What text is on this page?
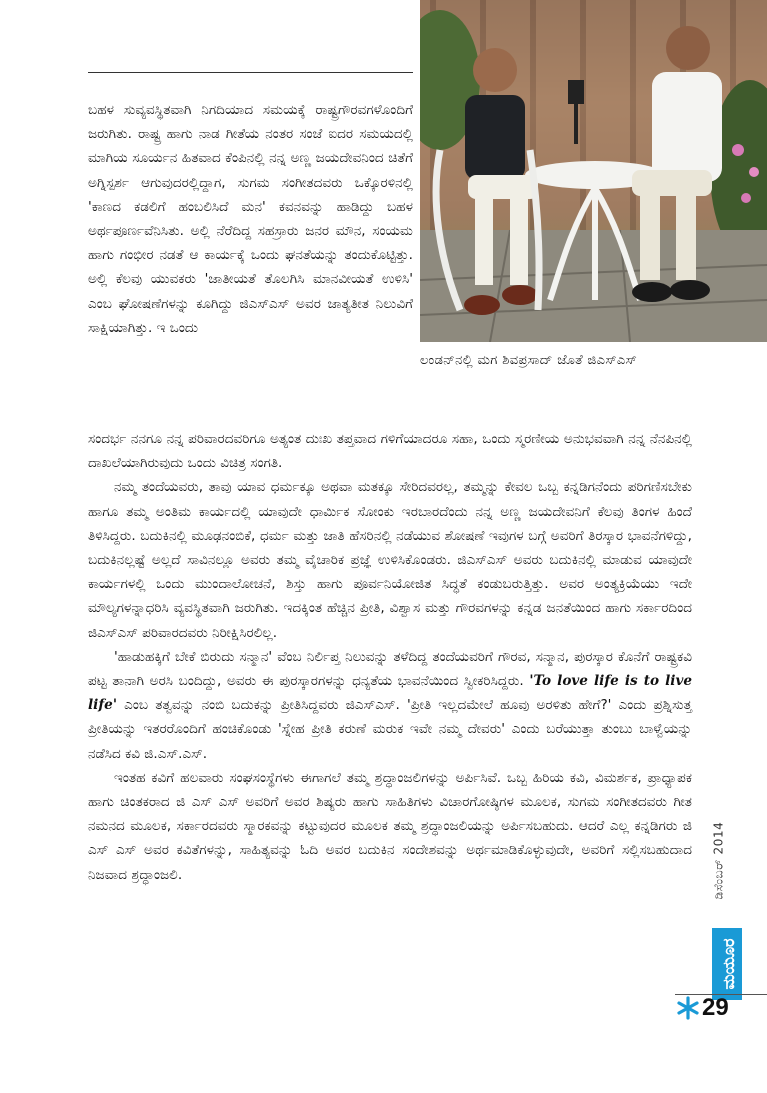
ಲಂಡನ್‌ನಲ್ಲಿ ಮಗ ಶಿವಪ್ರಸಾದ್ ಜೊತೆ ಜಿಎಸ್‌ಎಸ್

ಬಹಳ ಸುವ್ಯವಸ್ಥಿತವಾಗಿ ನಿಗದಿಯಾದ ಸಮಯಕ್ಕೆ ರಾಷ್ಟ್ರಗೌರವಗಳೊಂದಿಗೆ ಜರುಗಿತು. ರಾಷ್ಟ್ರ ಹಾಗು ನಾಡ ಗೀತೆಯ ನಂತರ ಸಂಜೆ ಐದರ ಸಮಯದಲ್ಲಿ ಮಾಗಿಯ ಸೂರ್ಯನ ಹಿತವಾದ ಕೆಂಪಿನಲ್ಲಿ ನನ್ನ ಅಣ್ಣ ಜಯದೇವನಿಂದ ಚಿತೆಗೆ ಅಗ್ನಿಸ್ಪರ್ಶ ಆಗುವುದರಲ್ಲಿದ್ದಾಗ, ಸುಗಮ ಸಂಗೀತದವರು ಒಕ್ಕೊರಳಿನಲ್ಲಿ 'ಕಾಣದ ಕಡಲಿಗೆ ಹಂಬಲಿಸಿದೆ ಮನ' ಕವನವನ್ನು ಹಾಡಿದ್ದು ಬಹಳ ಅರ್ಥಪೂರ್ಣವೆನಿಸಿತು. ಅಲ್ಲಿ ನೆರೆದಿದ್ದ ಸಹಸ್ರಾರು ಜನರ ಮೌನ, ಸಂಯಮ ಹಾಗು ಗಂಭೀರ ನಡತೆ ಆ ಕಾರ್ಯಕ್ಕೆ ಒಂದು ಘನತೆಯನ್ನು ತಂದುಕೊಟ್ಟಿತ್ತು. ಅಲ್ಲಿ ಕೆಲವು ಯುವಕರು 'ಜಾತೀಯತೆ ತೊಲಗಿಸಿ ಮಾನವೀಯತೆ ಉಳಿಸಿ' ಎಂಬ ಘೋಷಣೆಗಳನ್ನು ಕೂಗಿದ್ದು ಜಿಎಸ್‌ಎಸ್ ಅವರ ಜಾತ್ಯತೀತ ನಿಲುವಿಗೆ ಸಾಕ್ಷಿಯಾಗಿತ್ತು. ಇ ಒಂದು

ಸಂದರ್ಭ ನನಗೂ ನನ್ನ ಪರಿವಾರದವರಿಗೂ ಅತ್ಯಂತ ದುಃಖ ತಪ್ತವಾದ ಗಳಿಗೆಯಾದರೂ ಸಹಾ, ಒಂದು ಸ್ಮರಣೀಯ ಅನುಭವವಾಗಿ ನನ್ನ ನೆನಪಿನಲ್ಲಿ ದಾಖಲೆಯಾಗಿರುವುದು ಒಂದು ವಿಚಿತ್ರ ಸಂಗತಿ.

ನಮ್ಮ ತಂದೆಯವರು, ತಾವು ಯಾವ ಧರ್ಮಕ್ಕೂ ಅಥವಾ ಮತಕ್ಕೂ ಸೇರಿದವರಲ್ಲ, ತಮ್ಮನ್ನು ಕೇವಲ ಒಬ್ಬ ಕನ್ನಡಿಗನೆಂದು ಪರಿಗಣಿಸಬೇಕು ಹಾಗೂ ತಮ್ಮ ಅಂತಿಮ ಕಾರ್ಯದಲ್ಲಿ ಯಾವುದೇ ಧಾರ್ಮಿಕ ಸೋಂಕು ಇರಬಾರದೆಂದು ನನ್ನ ಅಣ್ಣ ಜಯದೇವನಿಗೆ ಕೆಲವು ತಿಂಗಳ ಹಿಂದೆ ತಿಳಿಸಿದ್ದರು. ಬದುಕಿನಲ್ಲಿ ಮೂಢನಂಬಿಕೆ, ಧರ್ಮ ಮತ್ತು ಜಾತಿ ಹೆಸರಿನಲ್ಲಿ ನಡೆಯುವ ಶೋಷಣೆ ಇವುಗಳ ಬಗ್ಗೆ ಅವರಿಗೆ ತಿರಸ್ಕಾರ ಭಾವನೆಗಳಿದ್ದು, ಬದುಕಿನಲ್ಲಷ್ಟೆ ಅಲ್ಲದೆ ಸಾವಿನಲ್ಲೂ ಅವರು ತಮ್ಮ ವೈಚಾರಿಕ ಪ್ರಜ್ಞೆ ಉಳಿಸಿಕೊಂಡರು. ಜಿಎಸ್‌ಎಸ್ ಅವರು ಬದುಕಿನಲ್ಲಿ ಮಾಡುವ ಯಾವುದೇ ಕಾರ್ಯಗಳಲ್ಲಿ ಒಂದು ಮುಂದಾಲೋಚನೆ, ಶಿಸ್ತು ಹಾಗು ಪೂರ್ವನಿಯೋಜಿತ ಸಿದ್ಧತೆ ಕಂಡುಬರುತ್ತಿತ್ತು. ಅವರ ಅಂತ್ಯಕ್ರಿಯೆಯು ಇದೇ ಮೌಲ್ಯಗಳನ್ನಾಧರಿಸಿ ವ್ಯವಸ್ಥಿತವಾಗಿ ಜರುಗಿತು. ಇದಕ್ಕಿಂತ ಹೆಚ್ಚಿನ ಪ್ರೀತಿ, ವಿಶ್ವಾಸ ಮತ್ತು ಗೌರವಗಳನ್ನು ಕನ್ನಡ ಜನತೆಯಿಂದ ಹಾಗು ಸರ್ಕಾರದಿಂದ ಜಿಎಸ್‌ಎಸ್ ಪರಿವಾರದವರು ನಿರೀಕ್ಷಿಸಿರಲಿಲ್ಲ.

'ಹಾಡುಹಕ್ಕಿಗೆ ಬೇಕೆ ಬಿರುದು ಸನ್ಮಾನ' ವೆಂಬ ನಿರ್ಲಿಪ್ತ ನಿಲುವನ್ನು ತಳೆದಿದ್ದ ತಂದೆಯವರಿಗೆ ಗೌರವ, ಸನ್ಮಾನ, ಪುರಸ್ಕಾರ ಕೊನೆಗೆ ರಾಷ್ಟ್ರಕವಿ ಪಟ್ಟ ತಾನಾಗಿ ಅರಸಿ ಬಂದಿದ್ದು, ಅವರು ಈ ಪುರಸ್ಕಾರಗಳನ್ನು ಧನ್ಯತೆಯ ಭಾವನೆಯಿಂದ ಸ್ವೀಕರಿಸಿದ್ದರು. 'To love life is to live life' ಎಂಬ ತತ್ವವನ್ನು ನಂಬಿ ಬದುಕನ್ನು ಪ್ರೀತಿಸಿದ್ದವರು ಜಿಎಸ್‌ಎಸ್. 'ಪ್ರೀತಿ ಇಲ್ಲದಮೇಲೆ ಹೂವು ಅರಳಿತು ಹೇಗೆ?' ಎಂದು ಪ್ರಶ್ನಿಸುತ್ತ ಪ್ರೀತಿಯನ್ನು ಇತರರೊಂದಿಗೆ ಹಂಚಿಕೊಂಡು 'ಸ್ನೇಹ ಪ್ರೀತಿ ಕರುಣೆ ಮರುಕ ಇವೇ ನಮ್ಮ ದೇವರು' ಎಂದು ಬರೆಯುತ್ತಾ ತುಂಬು ಬಾಳ್ವೆಯನ್ನು ನಡೆಸಿದ ಕವಿ ಜಿ.ಎಸ್.ಎಸ್.

ಇಂತಹ ಕವಿಗೆ ಹಲವಾರು ಸಂಘಸಂಸ್ಥೆಗಳು ಈಗಾಗಲೆ ತಮ್ಮ ಶ್ರದ್ಧಾಂಜಲಿಗಳನ್ನು ಅರ್ಪಿಸಿವೆ. ಒಬ್ಬ ಹಿರಿಯ ಕವಿ, ವಿಮರ್ಶಕ, ಪ್ರಾಧ್ಯಾಪಕ ಹಾಗು ಚಿಂತಕರಾದ ಜಿ ಎಸ್ ಎಸ್ ಅವರಿಗೆ ಅವರ ಶಿಷ್ಯರು ಹಾಗು ಸಾಹಿತಿಗಳು ವಿಚಾರಗೋಷ್ಠಿಗಳ ಮೂಲಕ, ಸುಗಮ ಸಂಗೀತದವರು ಗೀತ ನಮನದ ಮೂಲಕ, ಸರ್ಕಾರದವರು ಸ್ಮಾರಕವನ್ನು ಕಟ್ಟುವುದರ ಮೂಲಕ ತಮ್ಮ ಶ್ರದ್ಧಾಂಜಲಿಯನ್ನು ಅರ್ಪಿಸಬಹುದು. ಆದರೆ ಎಲ್ಲ ಕನ್ನಡಿಗರು ಜಿ ಎಸ್ ಎಸ್ ಅವರ ಕವಿತೆಗಳನ್ನು, ಸಾಹಿತ್ಯವನ್ನು ಓದಿ ಅವರ ಬದುಕಿನ ಸಂದೇಶವನ್ನು ಅರ್ಥಮಾಡಿಕೊಳ್ಳುವುದೇ, ಅವರಿಗೆ ಸಲ್ಲಿಸಬಹುದಾದ ನಿಜವಾದ ಶ್ರದ್ಧಾಂಜಲಿ.	ಡಿಸೆಂಬರ್ 2014
ಮಯೂರ
29
